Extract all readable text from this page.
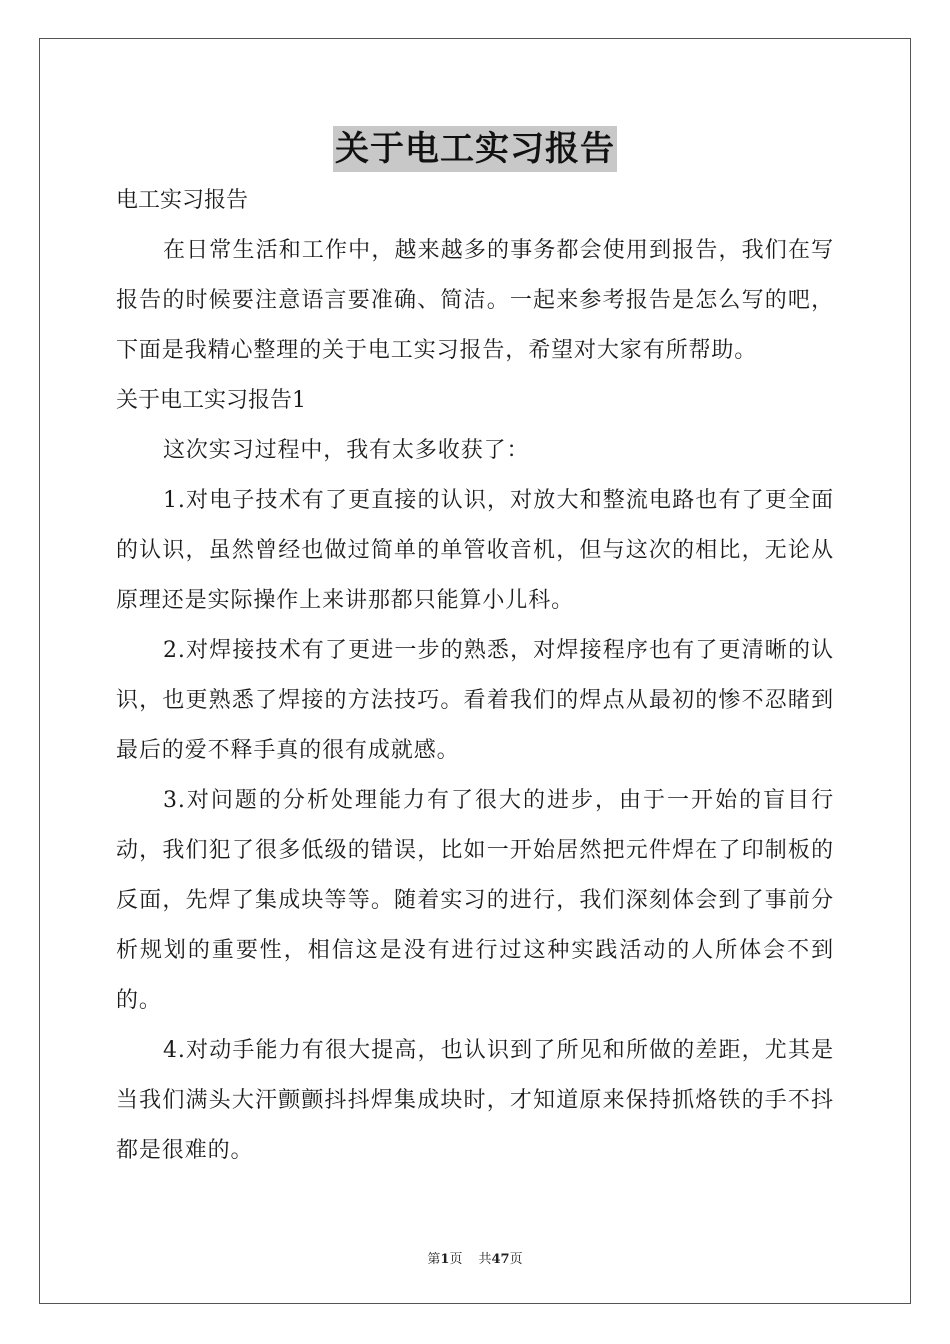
关于电工实习报告

电工实习报告

在日常生活和工作中，越来越多的事务都会使用到报告，我们在写报告的时候要注意语言要准确、简洁。一起来参考报告是怎么写的吧，下面是我精心整理的关于电工实习报告，希望对大家有所帮助。

关于电工实习报告1

这次实习过程中，我有太多收获了：

1.对电子技术有了更直接的认识，对放大和整流电路也有了更全面的认识，虽然曾经也做过简单的单管收音机，但与这次的相比，无论从原理还是实际操作上来讲那都只能算小儿科。

2.对焊接技术有了更进一步的熟悉，对焊接程序也有了更清晰的认识，也更熟悉了焊接的方法技巧。看着我们的焊点从最初的惨不忍睹到最后的爱不释手真的很有成就感。

3.对问题的分析处理能力有了很大的进步，由于一开始的盲目行动，我们犯了很多低级的错误，比如一开始居然把元件焊在了印制板的反面，先焊了集成块等等。随着实习的进行，我们深刻体会到了事前分析规划的重要性，相信这是没有进行过这种实践活动的人所体会不到的。

4.对动手能力有很大提高，也认识到了所见和所做的差距，尤其是当我们满头大汗颤颤抖抖焊集成块时，才知道原来保持抓烙铁的手不抖都是很难的。

第1页 共47页
